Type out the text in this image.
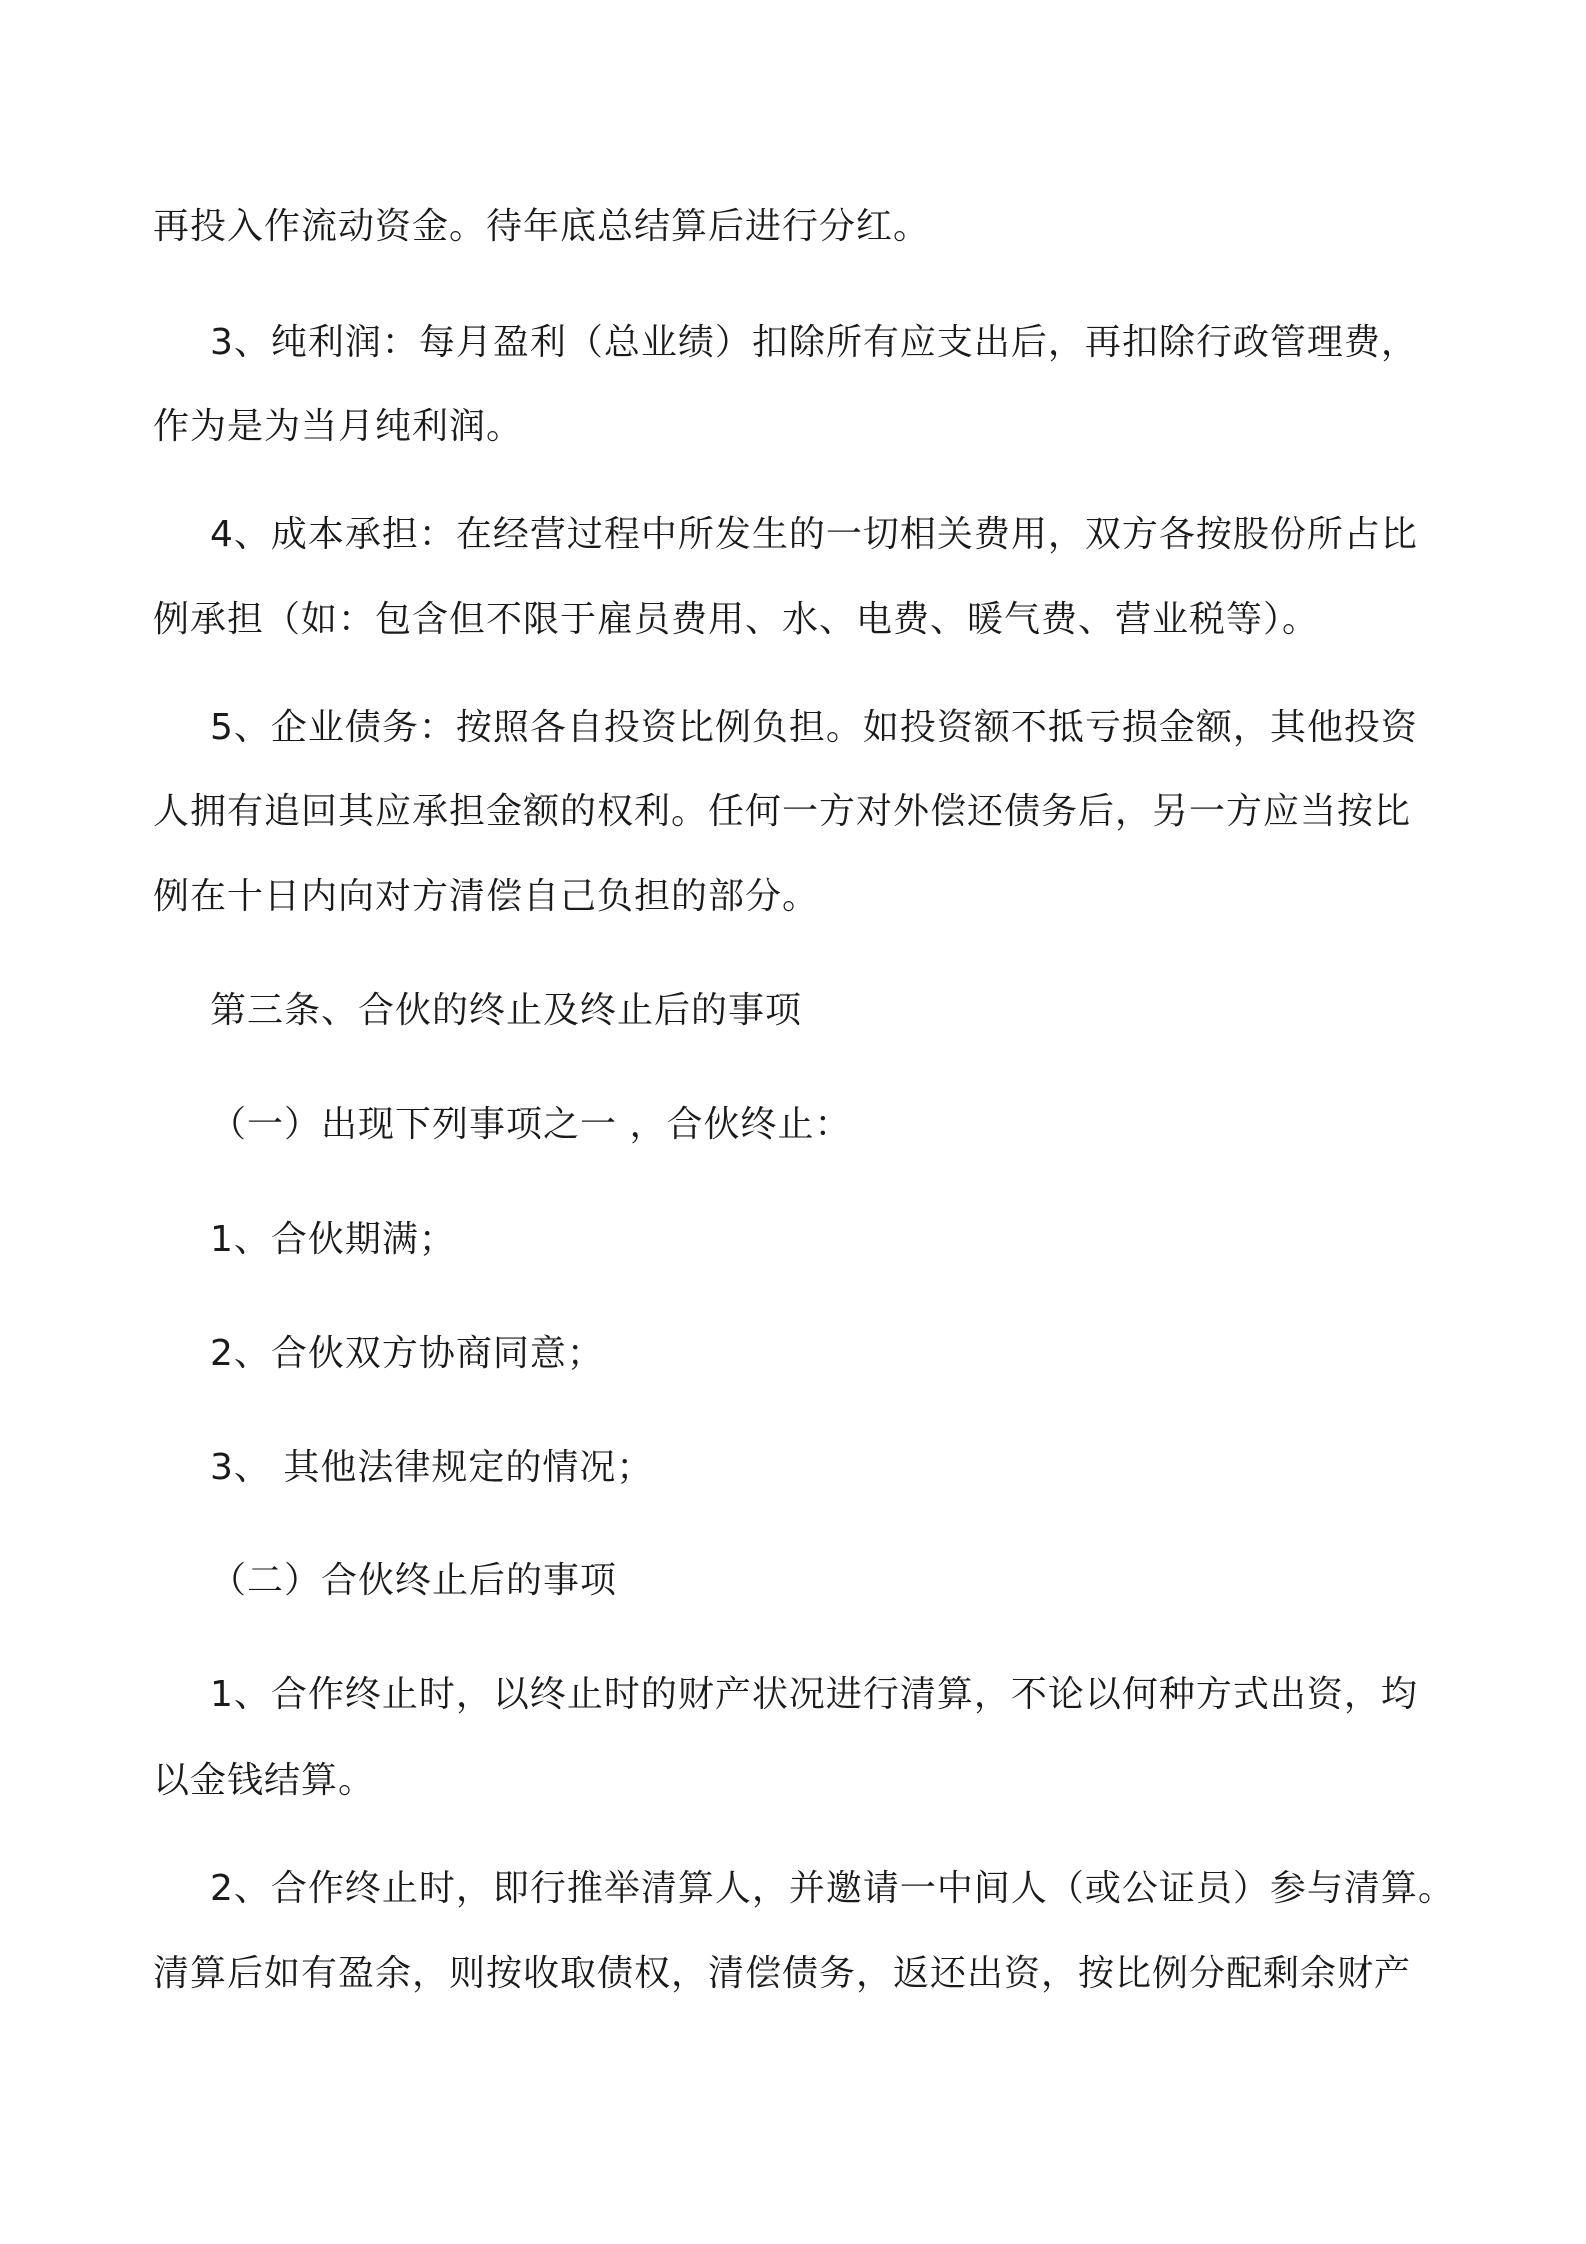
再投入作流动资金。待年底总结算后进行分红。
3、纯利润：每月盈利（总业绩）扣除所有应支出后，再扣除行政管理费，
作为是为当月纯利润。
4、成本承担：在经营过程中所发生的一切相关费用，双方各按股份所占比
例承担（如：包含但不限于雇员费用、水、电费、暖气费、营业税等）。
5、企业债务：按照各自投资比例负担。如投资额不抵亏损金额，其他投资
人拥有追回其应承担金额的权利。任何一方对外偿还债务后，另一方应当按比
例在十日内向对方清偿自己负担的部分。
第三条、合伙的终止及终止后的事项
（一）出现下列事项之一 ，合伙终止：
1、合伙期满；
2、合伙双方协商同意；
3、 其他法律规定的情况；
（二）合伙终止后的事项
1、合作终止时，以终止时的财产状况进行清算，不论以何种方式出资，均
以金钱结算。
2、合作终止时，即行推举清算人，并邀请一中间人（或公证员）参与清算。
清算后如有盈余，则按收取债权，清偿债务，返还出资，按比例分配剩余财产
